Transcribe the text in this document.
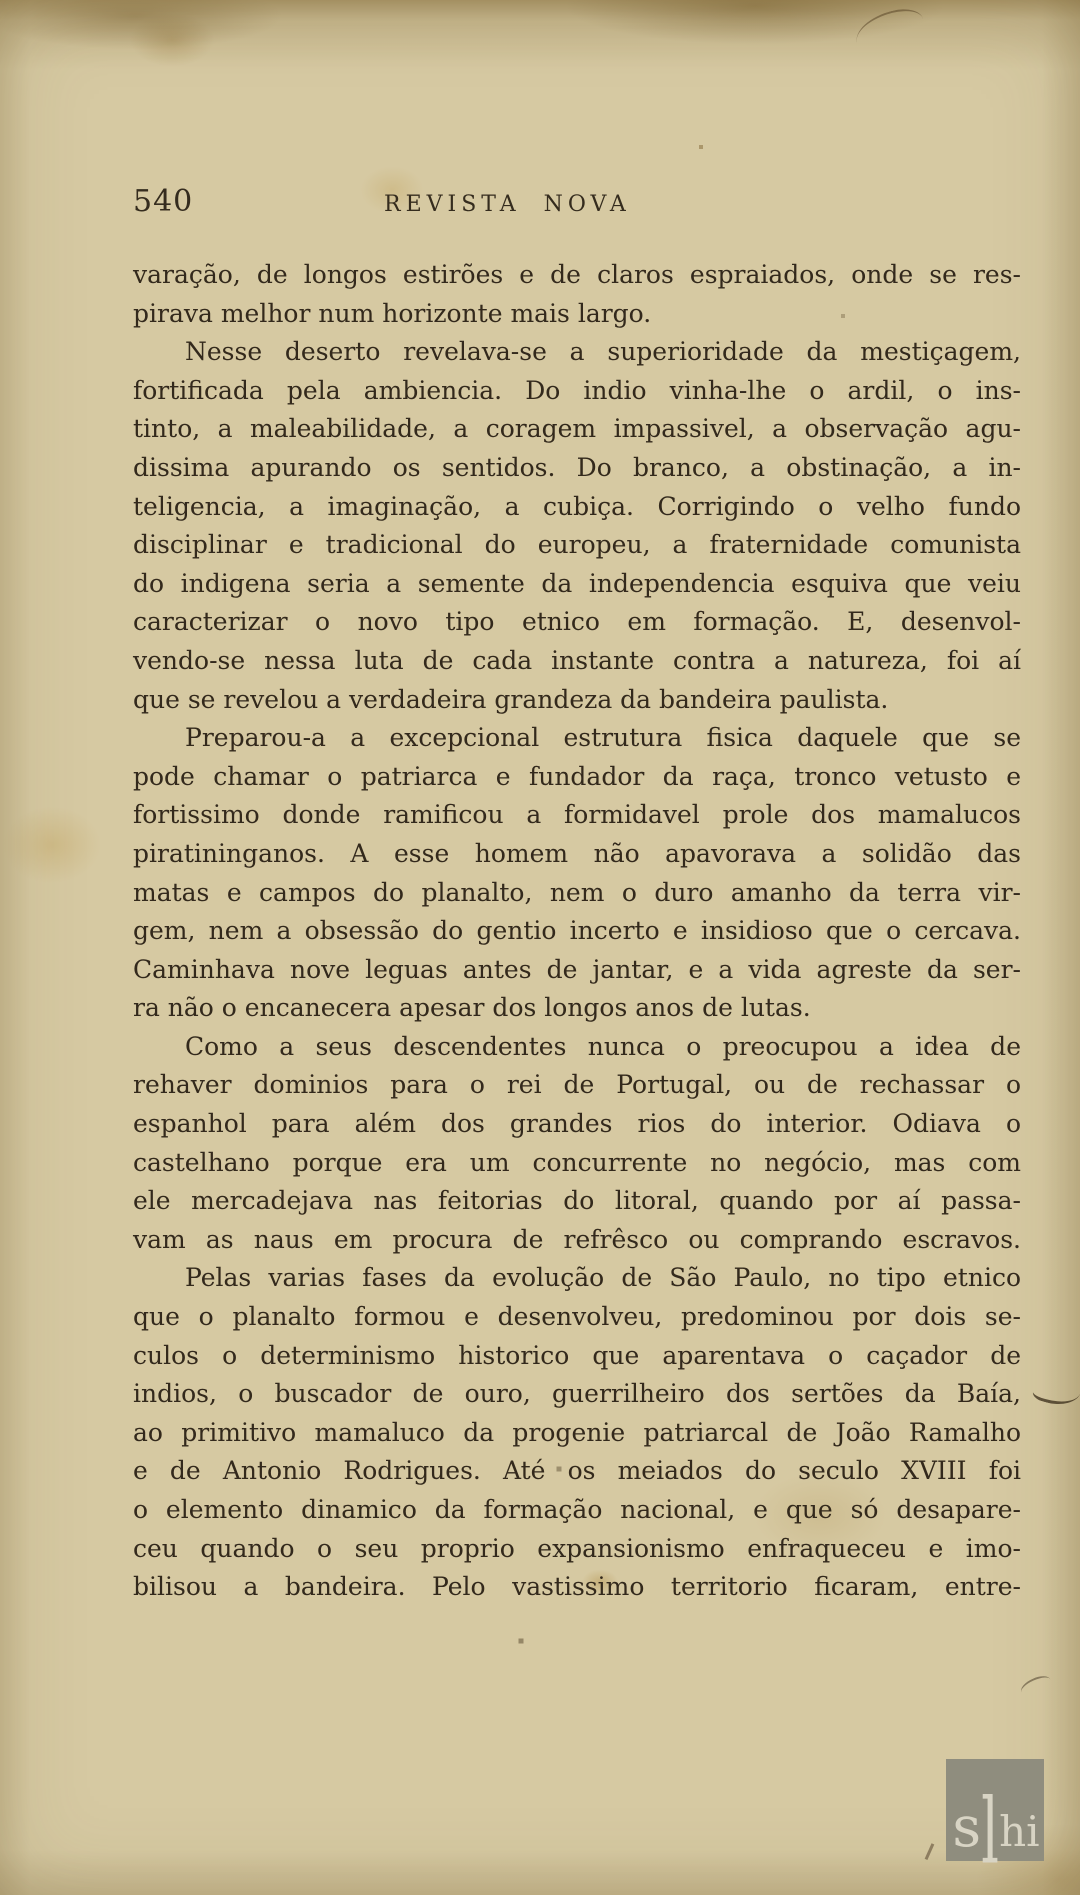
540	REVISTA NOVA
varação, de longos estirões e de claros espraiados, onde se res-
pirava melhor num horizonte mais largo.
Nesse deserto revelava-se a superioridade da mestiçagem,
fortificada pela ambiencia. Do indio vinha-lhe o ardil, o ins-
tinto, a maleabilidade, a coragem impassivel, a observação agu-
dissima apurando os sentidos. Do branco, a obstinação, a in-
teligencia, a imaginação, a cubiça. Corrigindo o velho fundo
disciplinar e tradicional do europeu, a fraternidade comunista
do indigena seria a semente da independencia esquiva que veiu
caracterizar o novo tipo etnico em formação. E, desenvol-
vendo-se nessa luta de cada instante contra a natureza, foi aí
que se revelou a verdadeira grandeza da bandeira paulista.
Preparou-a a excepcional estrutura fisica daquele que se
pode chamar o patriarca e fundador da raça, tronco vetusto e
fortissimo donde ramificou a formidavel prole dos mamalucos
piratininganos. A esse homem não apavorava a solidão das
matas e campos do planalto, nem o duro amanho da terra vir-
gem, nem a obsessão do gentio incerto e insidioso que o cercava.
Caminhava nove leguas antes de jantar, e a vida agreste da ser-
ra não o encanecera apesar dos longos anos de lutas.
Como a seus descendentes nunca o preocupou a idea de
rehaver dominios para o rei de Portugal, ou de rechassar o
espanhol para além dos grandes rios do interior. Odiava o
castelhano porque era um concurrente no negócio, mas com
ele mercadejava nas feitorias do litoral, quando por aí passa-
vam as naus em procura de refrêsco ou comprando escravos.
Pelas varias fases da evolução de São Paulo, no tipo etnico
que o planalto formou e desenvolveu, predominou por dois se-
culos o determinismo historico que aparentava o caçador de
indios, o buscador de ouro, guerrilheiro dos sertões da Baía,
ao primitivo mamaluco da progenie patriarcal de João Ramalho
e de Antonio Rodrigues. Até os meiados do seculo XVIII foi
o elemento dinamico da formação nacional, e que só desapare-
ceu quando o seu proprio expansionismo enfraqueceu e imo-
bilisou a bandeira. Pelo vastissimo territorio ficaram, entre-
slhi
